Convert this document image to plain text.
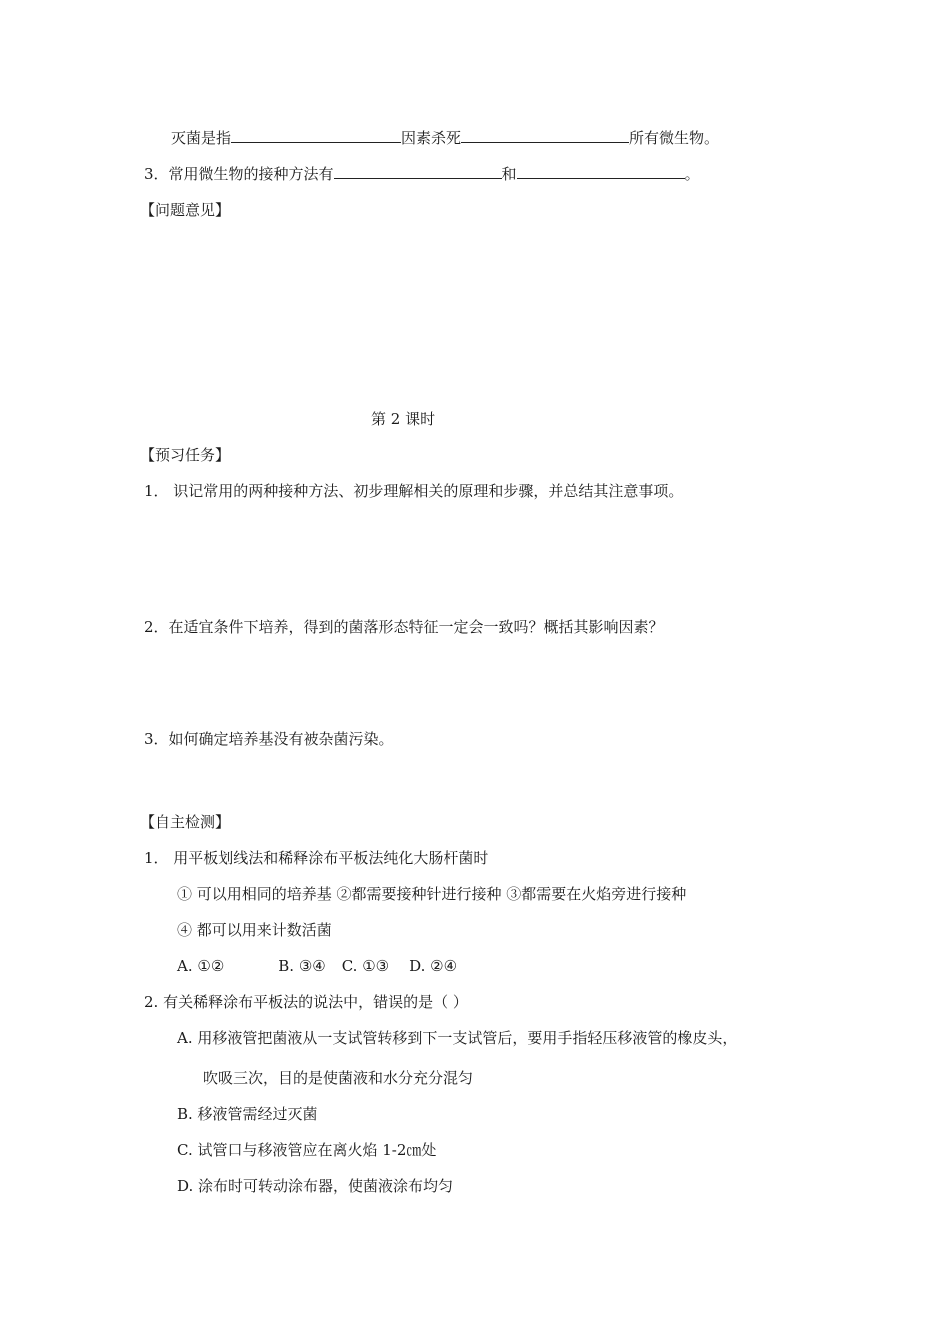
灭菌是指	因素杀死	所有微生物。
3．常用微生物的接种方法有	和	。
【问题意见】
第 2 课时
【预习任务】
1． 识记常用的两种接种方法、初步理解相关的原理和步骤，并总结其注意事项。
2．在适宜条件下培养，得到的菌落形态特征一定会一致吗？概括其影响因素？
3．如何确定培养基没有被杂菌污染。
【自主检测】
1． 用平板划线法和稀释涂布平板法纯化大肠杆菌时
① 可以用相同的培养基 ②都需要接种针进行接种 ③都需要在火焰旁进行接种
④ 都可以用来计数活菌
A. ①②	B. ③④ C. ①③ D. ②④
2. 有关稀释涂布平板法的说法中，错误的是（ ）
A. 用移液管把菌液从一支试管转移到下一支试管后，要用手指轻压移液管的橡皮头，
吹吸三次，目的是使菌液和水分充分混匀
B. 移液管需经过灭菌
C. 试管口与移液管应在离火焰 1-2㎝处
D. 涂布时可转动涂布器，使菌液涂布均匀
